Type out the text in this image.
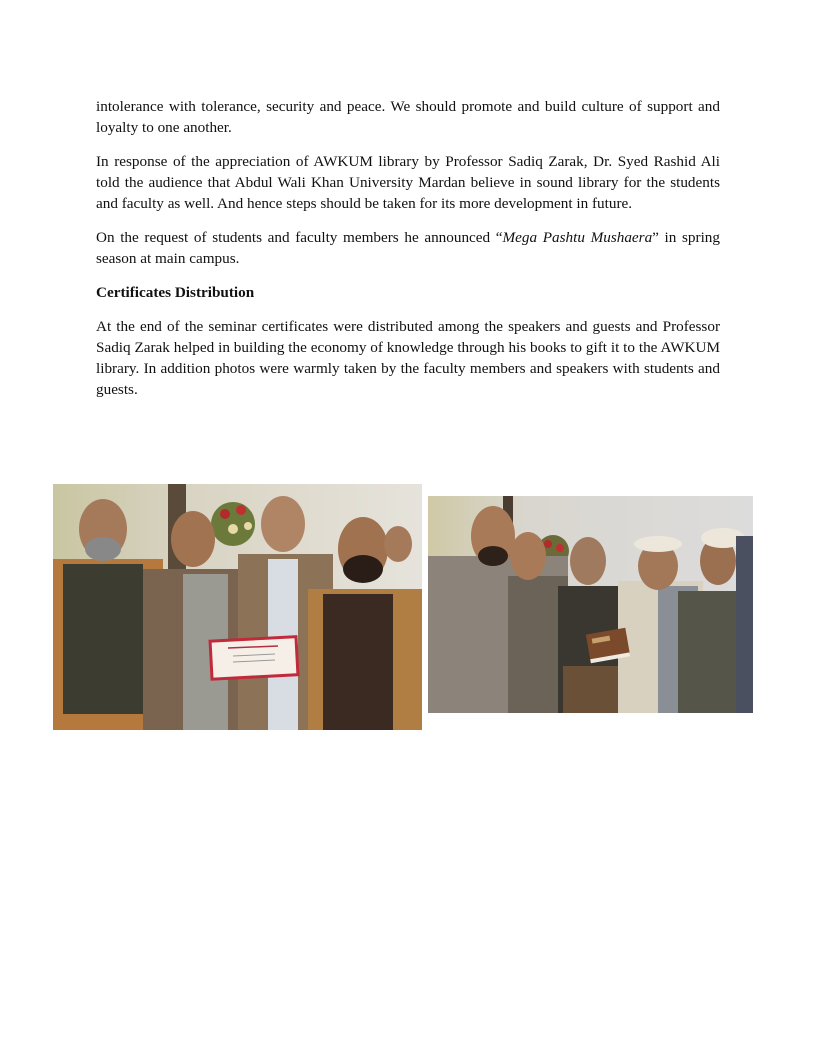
intolerance with tolerance, security and peace. We should promote and build culture of support and loyalty to one another.

In response of the appreciation of AWKUM library by Professor Sadiq Zarak, Dr. Syed Rashid Ali told the audience that Abdul Wali Khan University Mardan believe in sound library for the students and faculty as well. And hence steps should be taken for its more development in future.

On the request of students and faculty members he announced “Mega Pashtu Mushaera” in spring season at main campus.

Certificates Distribution

At the end of the seminar certificates were distributed among the speakers and guests and Professor Sadiq Zarak helped in building the economy of knowledge through his books to gift it to the AWKUM library. In addition photos were warmly taken by the faculty members and speakers with students and guests.
